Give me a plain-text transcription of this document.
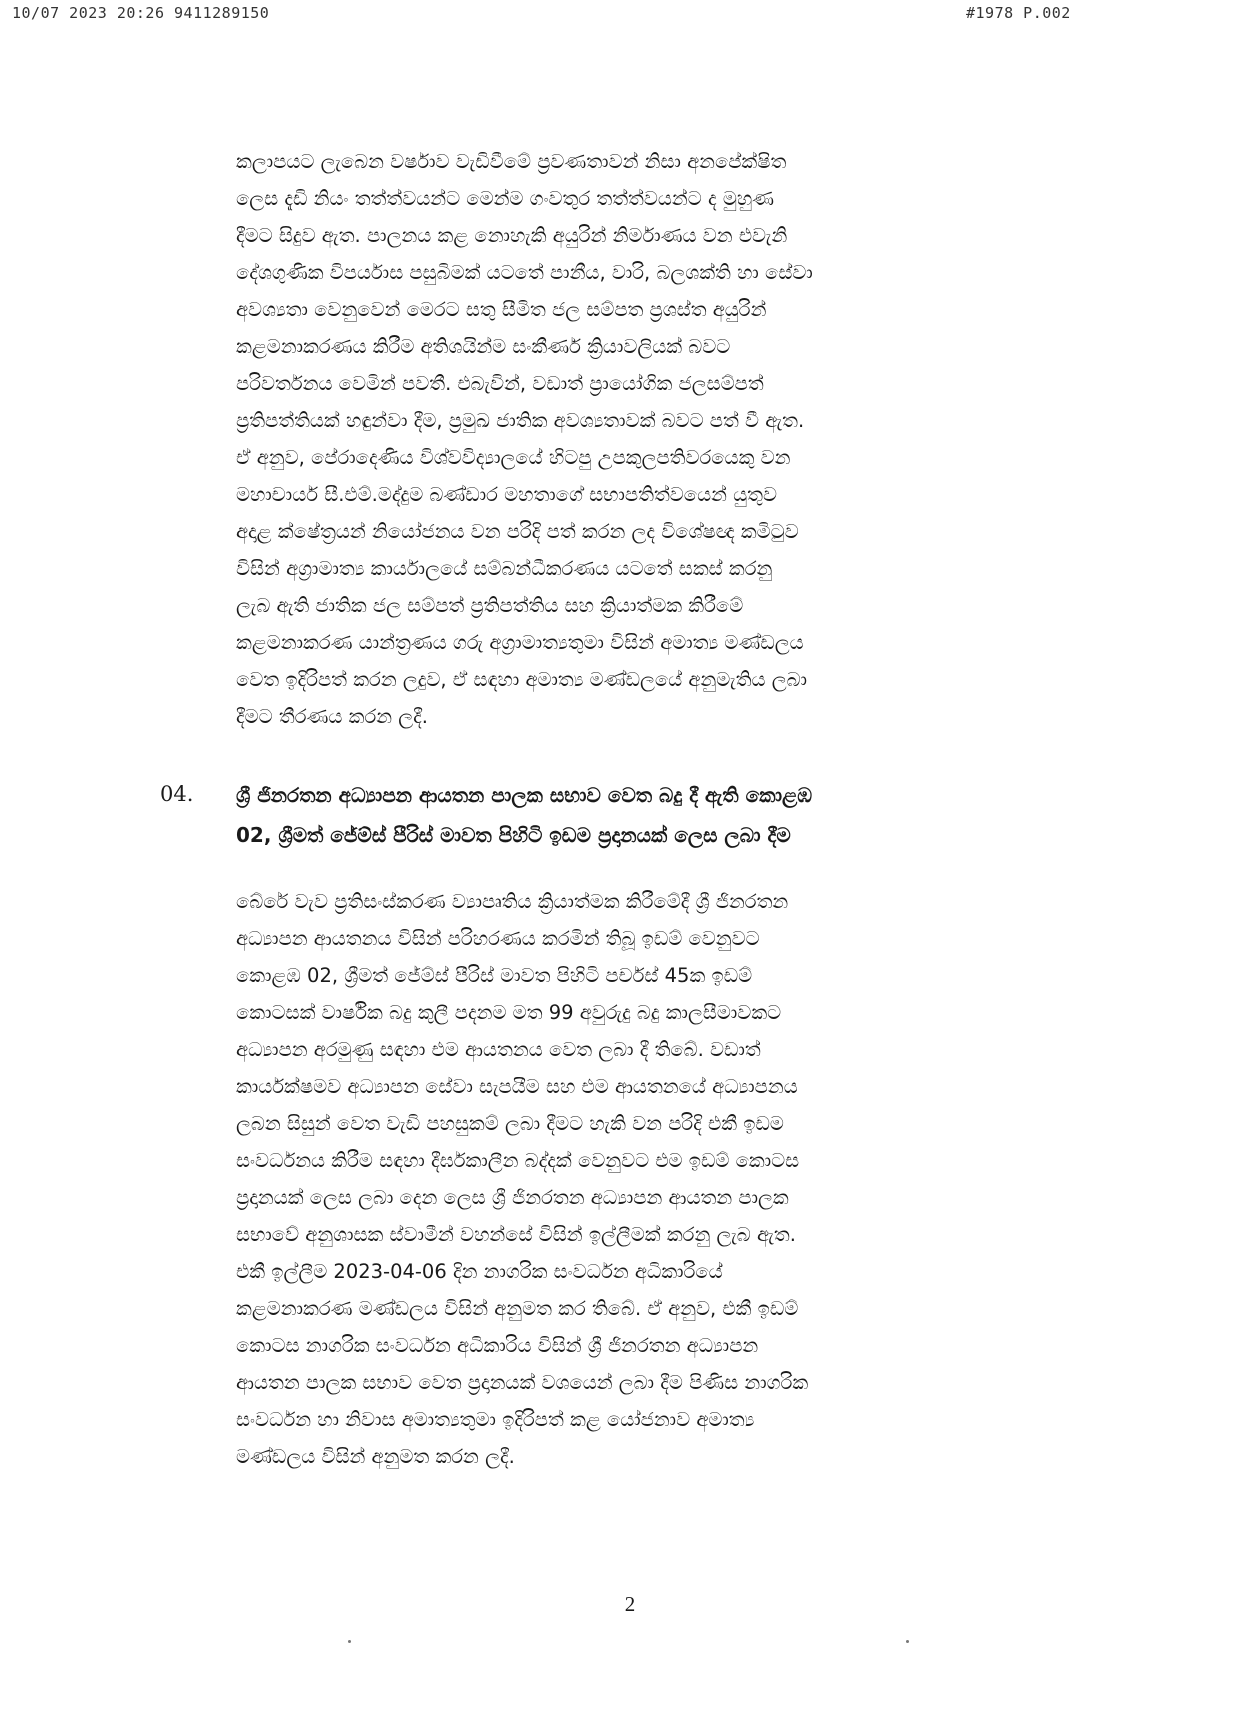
10/07 2023 20:26 9411289150	#1978 P.002
කලාපයට ලැබෙන වර්ෂාව වැඩිවීමේ ප්‍රවණතාවන් නිසා අනපේක්ෂිත
ලෙස දැඩි නියං තත්ත්වයන්ට මෙන්ම ගංවතුර තත්ත්වයන්ට ද මුහුණ
දීමට සිදුව ඇත. පාලනය කළ නොහැකි අයුරින් නිර්මාණය වන එවැනි
දේශගුණික විපර්යාස පසුබිමක් යටතේ පානීය, වාරි, බලශක්ති හා සේවා
අවශ්‍යතා වෙනුවෙන් මෙරට සතු සීමිත ජල සම්පත ප්‍රශස්ත අයුරින්
කළමනාකරණය කිරීම අතිශයින්ම සංකීර්ණ ක්‍රියාවලියක් බවට
පරිවර්තනය වෙමින් පවතී. එබැවින්, වඩාත් ප්‍රායෝගික ජලසම්පත්
ප්‍රතිපත්තියක් හඳුන්වා දීම, ප්‍රමුඛ ජාතික අවශ්‍යතාවක් බවට පත් වී ඇත.
ඒ අනුව, පේරාදෙණිය විශ්වවිද්‍යාලයේ හිටපු උපකුලපතිවරයෙකු වන
මහාචාර්ය සී.එම්.මද්දුම බණ්ඩාර මහතාගේ සභාපතිත්වයෙන් යුතුව
අදාළ ක්ෂේත්‍රයන් නියෝජනය වන පරිදි පත් කරන ලද විශේෂඥ කමිටුව
විසින් අග්‍රාමාත්‍ය කාර්යාලයේ සම්බන්ධීකරණය යටතේ සකස් කරනු
ලැබ ඇති ජාතික ජල සම්පත් ප්‍රතිපත්තිය සහ ක්‍රියාත්මක කිරීමේ
කළමනාකරණ යාන්ත්‍රණය ගරු අග්‍රාමාත්‍යතුමා විසින් අමාත්‍ය මණ්ඩලය
වෙත ඉදිරිපත් කරන ලදුව, ඒ සඳහා අමාත්‍ය මණ්ඩලයේ අනුමැතිය ලබා
දීමට තීරණය කරන ලදී.
04. ශ්‍රී ජිනරතන අධ්‍යාපන ආයතන පාලක සභාව වෙත බදු දී ඇති කොළඹ
02, ශ්‍රීමත් ජේම්ස් පීරිස් මාවත පිහිටි ඉඩම ප්‍රදානයක් ලෙස ලබා දීම
බේරේ වැව ප්‍රතිසංස්කරණ ව්‍යාපෘතිය ක්‍රියාත්මක කිරීමේදී ශ්‍රී ජිනරතන
අධ්‍යාපන ආයතනය විසින් පරිහරණය කරමින් තිබූ ඉඩම් වෙනුවට
කොළඹ 02, ශ්‍රීමත් ජේම්ස් පීරිස් මාවත පිහිටි පර්චස් 45ක ඉඩම්
කොටසක් වාර්ෂික බදු කුලී පදනම මත 99 අවුරුදු බදු කාලසීමාවකට
අධ්‍යාපන අරමුණු සඳහා එම ආයතනය වෙත ලබා දී තිබේ. වඩාත්
කාර්යක්ෂමව අධ්‍යාපන සේවා සැපයීම සහ එම ආයතනයේ අධ්‍යාපනය
ලබන සිසුන් වෙත වැඩි පහසුකම් ලබා දීමට හැකි වන පරිදි එකී ඉඩම
සංවර්ධනය කිරීම සඳහා දීර්ඝකාලීන බද්දක් වෙනුවට එම ඉඩම් කොටස
ප්‍රදානයක් ලෙස ලබා දෙන ලෙස ශ්‍රී ජිනරතන අධ්‍යාපන ආයතන පාලක
සභාවේ අනුශාසක ස්වාමීන් වහන්සේ විසින් ඉල්ලීමක් කරනු ලැබ ඇත.
එකී ඉල්ලීම 2023-04-06 දින නාගරික සංවර්ධන අධිකාරියේ
කළමනාකරණ මණ්ඩලය විසින් අනුමත කර තිබේ. ඒ අනුව, එකී ඉඩම්
කොටස නාගරික සංවර්ධන අධිකාරිය විසින් ශ්‍රී ජිනරතන අධ්‍යාපන
ආයතන පාලක සභාව වෙත ප්‍රදානයක් වශයෙන් ලබා දීම පිණිස නාගරික
සංවර්ධන හා නිවාස අමාත්‍යතුමා ඉදිරිපත් කළ යෝජනාව අමාත්‍ය
මණ්ඩලය විසින් අනුමත කරන ලදී.
2
